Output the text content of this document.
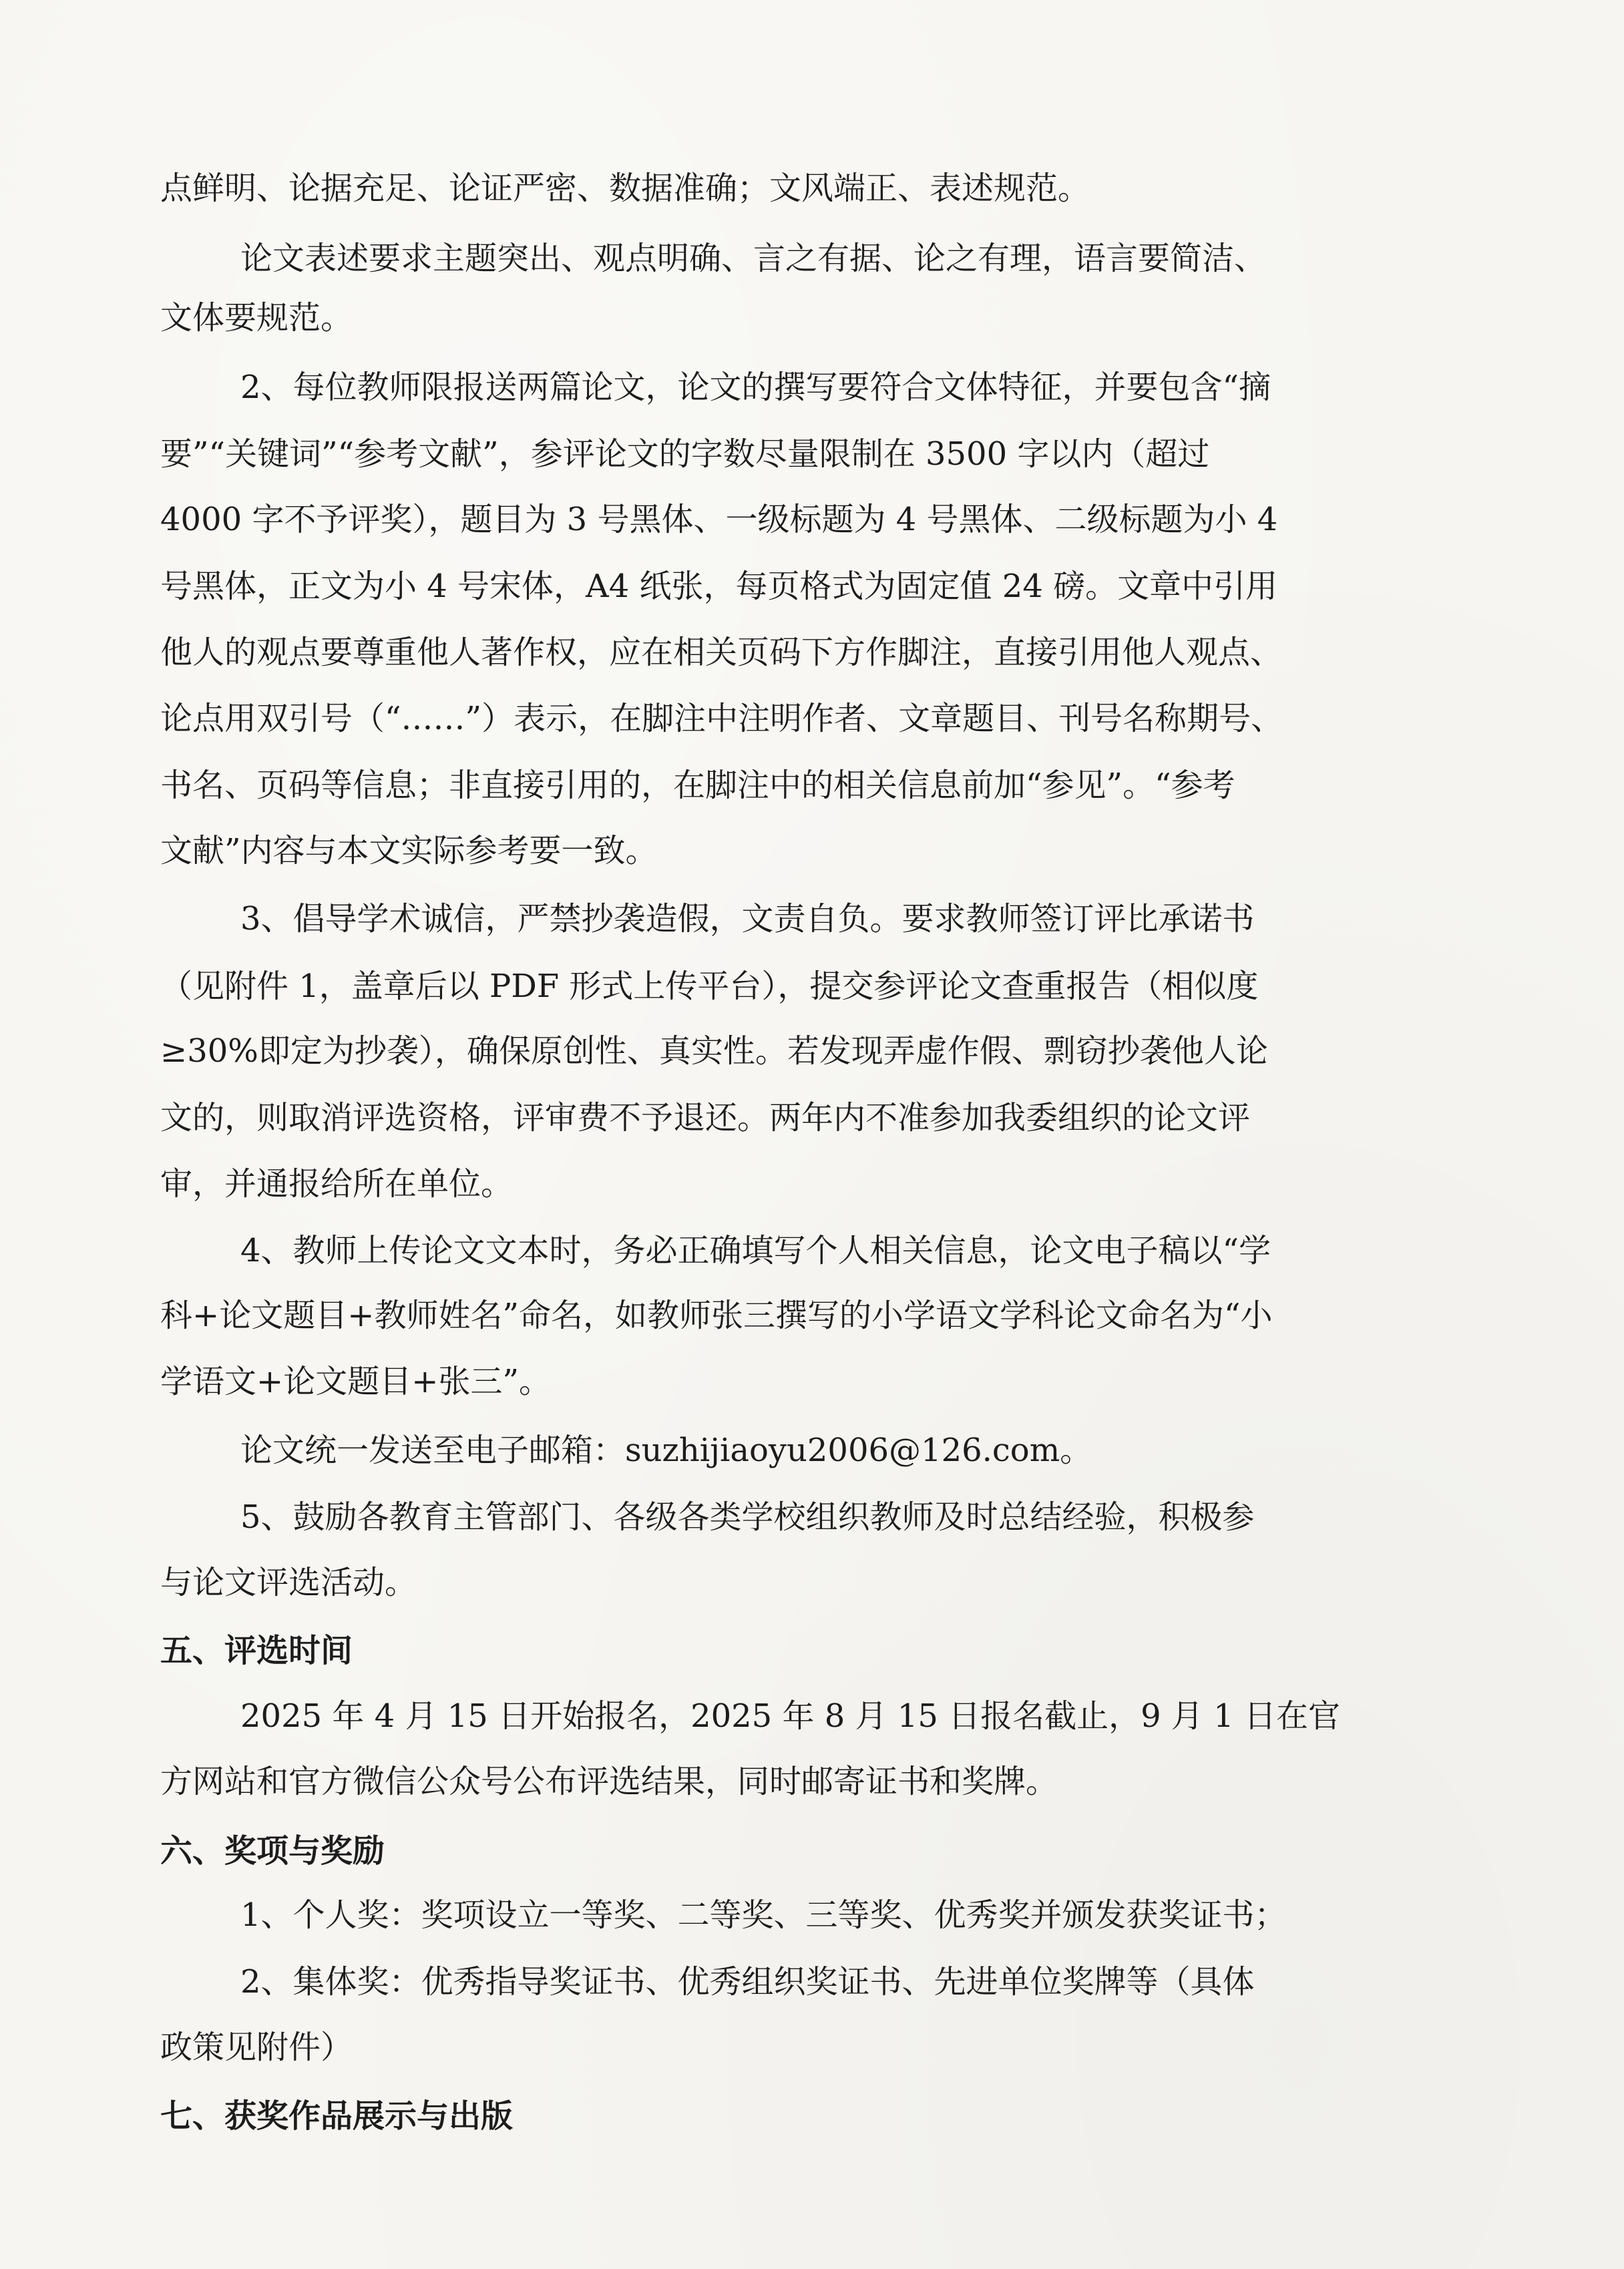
点鲜明、论据充足、论证严密、数据准确；文风端正、表述规范。

论文表述要求主题突出、观点明确、言之有据、论之有理，语言要简洁、

文体要规范。

2、每位教师限报送两篇论文，论文的撰写要符合文体特征，并要包含“摘

要”“关键词”“参考文献”，参评论文的字数尽量限制在 3500 字以内（超过

4000 字不予评奖），题目为 3 号黑体、一级标题为 4 号黑体、二级标题为小 4

号黑体，正文为小 4 号宋体，A4 纸张，每页格式为固定值 24 磅。文章中引用

他人的观点要尊重他人著作权，应在相关页码下方作脚注，直接引用他人观点、

论点用双引号（“……”）表示，在脚注中注明作者、文章题目、刊号名称期号、

书名、页码等信息；非直接引用的，在脚注中的相关信息前加“参见”。“参考

文献”内容与本文实际参考要一致。

3、倡导学术诚信，严禁抄袭造假，文责自负。要求教师签订评比承诺书

（见附件 1，盖章后以 PDF 形式上传平台），提交参评论文查重报告（相似度

≥30%即定为抄袭），确保原创性、真实性。若发现弄虚作假、剽窃抄袭他人论

文的，则取消评选资格，评审费不予退还。两年内不准参加我委组织的论文评

审，并通报给所在单位。

4、教师上传论文文本时，务必正确填写个人相关信息，论文电子稿以“学

科+论文题目+教师姓名”命名，如教师张三撰写的小学语文学科论文命名为“小

学语文+论文题目+张三”。

论文统一发送至电子邮箱：suzhijiaoyu2006@126.com。

5、鼓励各教育主管部门、各级各类学校组织教师及时总结经验，积极参

与论文评选活动。

五、评选时间

2025 年 4 月 15 日开始报名，2025 年 8 月 15 日报名截止，9 月 1 日在官

方网站和官方微信公众号公布评选结果，同时邮寄证书和奖牌。

六、奖项与奖励

1、个人奖：奖项设立一等奖、二等奖、三等奖、优秀奖并颁发获奖证书；

2、集体奖：优秀指导奖证书、优秀组织奖证书、先进单位奖牌等（具体

政策见附件）

七、获奖作品展示与出版
